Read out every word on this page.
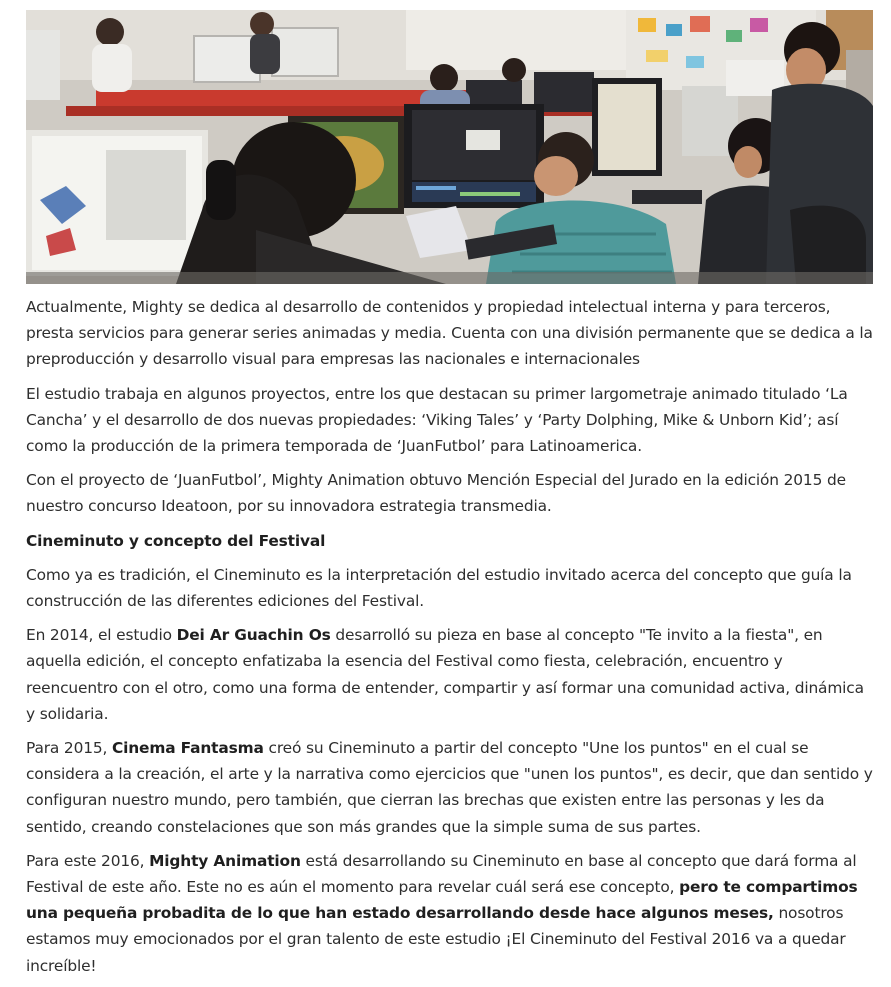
Actualmente, Mighty se dedica al desarrollo de contenidos y propiedad intelectual interna y para terceros, presta servicios para generar series animadas y media. Cuenta con una división permanente que se dedica a la preproducción y desarrollo visual para empresas las nacionales e internacionales

El estudio trabaja en algunos proyectos, entre los que destacan su primer largometraje animado titulado ‘La Cancha’ y el desarrollo de dos nuevas propiedades: ‘Viking Tales’ y ‘Party Dolphing, Mike & Unborn Kid’; así como la producción de la primera temporada de ‘JuanFutbol’ para Latinoamerica.

Con el proyecto de ‘JuanFutbol’, Mighty Animation obtuvo Mención Especial del Jurado en la edición 2015 de nuestro concurso Ideatoon, por su innovadora estrategia transmedia.

Cineminuto y concepto del Festival

Como ya es tradición, el Cineminuto es la interpretación del estudio invitado acerca del concepto que guía la construcción de las diferentes ediciones del Festival.

En 2014, el estudio Dei Ar Guachin Os desarrolló su pieza en base al concepto "Te invito a la fiesta", en aquella edición, el concepto enfatizaba la esencia del Festival como fiesta, celebración, encuentro y reencuentro con el otro, como una forma de entender, compartir y así formar una comunidad activa, dinámica y solidaria.

Para 2015, Cinema Fantasma creó su Cineminuto a partir del concepto "Une los puntos" en el cual se considera a la creación, el arte y la narrativa como ejercicios que "unen los puntos", es decir, que dan sentido y configuran nuestro mundo, pero también, que cierran las brechas que existen entre las personas y les da sentido, creando constelaciones que son más grandes que la simple suma de sus partes.

Para este 2016, Mighty Animation está desarrollando su Cineminuto en base al concepto que dará forma al Festival de este año. Este no es aún el momento para revelar cuál será ese concepto, pero te compartimos una pequeña probadita de lo que han estado desarrollando desde hace algunos meses, nosotros estamos muy emocionados por el gran talento de este estudio ¡El Cineminuto del Festival 2016 va a quedar increíble!
